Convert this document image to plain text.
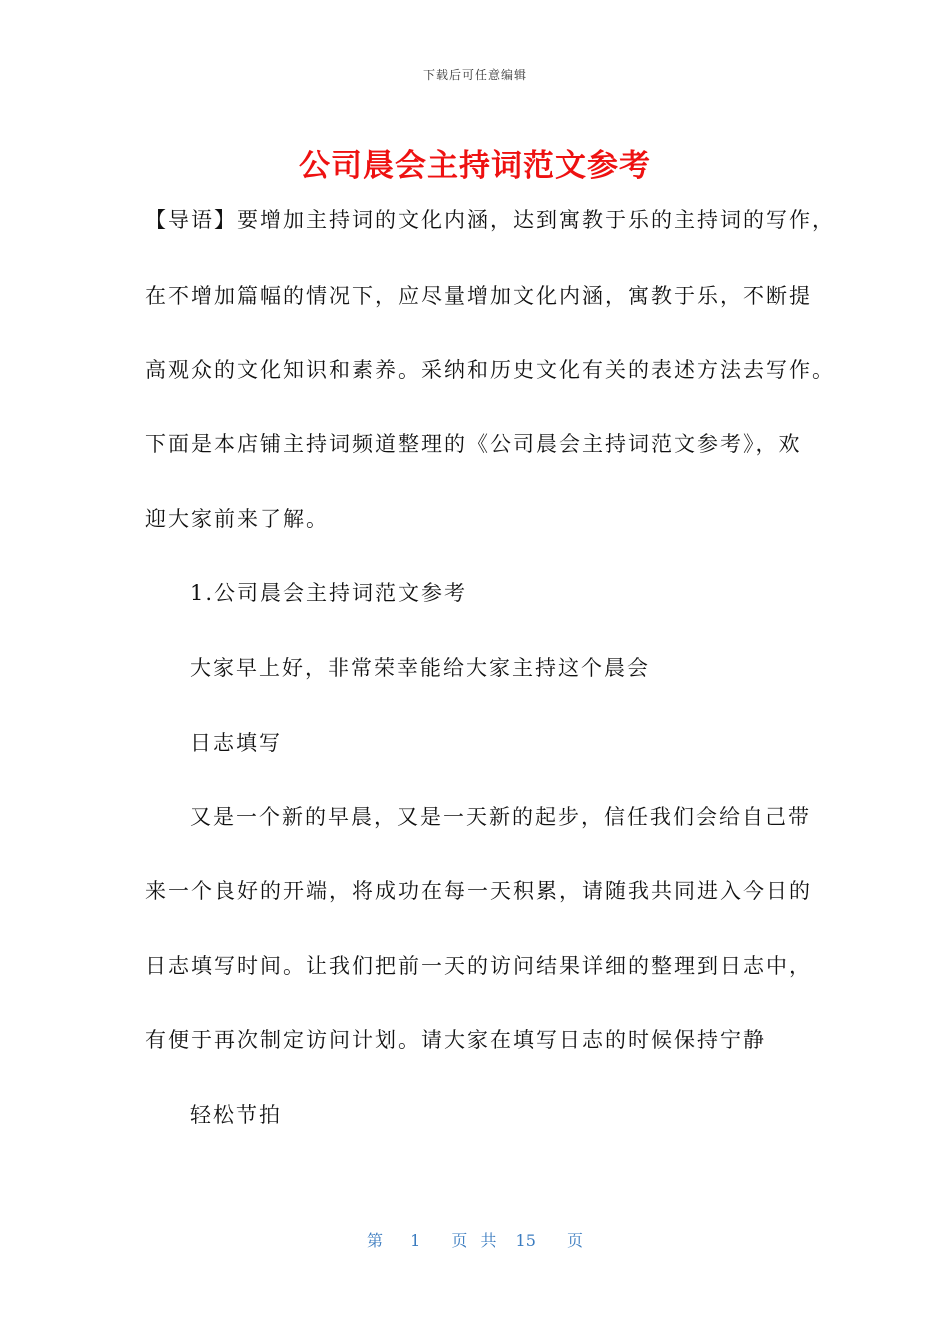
下载后可任意编辑
公司晨会主持词范文参考

【导语】要增加主持词的文化内涵，达到寓教于乐的主持词的写作，

在不增加篇幅的情况下，应尽量增加文化内涵，寓教于乐，不断提

高观众的文化知识和素养。采纳和历史文化有关的表述方法去写作。

下面是本店铺主持词频道整理的《公司晨会主持词范文参考》，欢

迎大家前来了解。

1.公司晨会主持词范文参考

大家早上好，非常荣幸能给大家主持这个晨会

日志填写

又是一个新的早晨，又是一天新的起步，信任我们会给自己带

来一个良好的开端，将成功在每一天积累，请随我共同进入今日的

日志填写时间。让我们把前一天的访问结果详细的整理到日志中，

有便于再次制定访问计划。请大家在填写日志的时候保持宁静

轻松节拍

第 1 页 共 15 页
